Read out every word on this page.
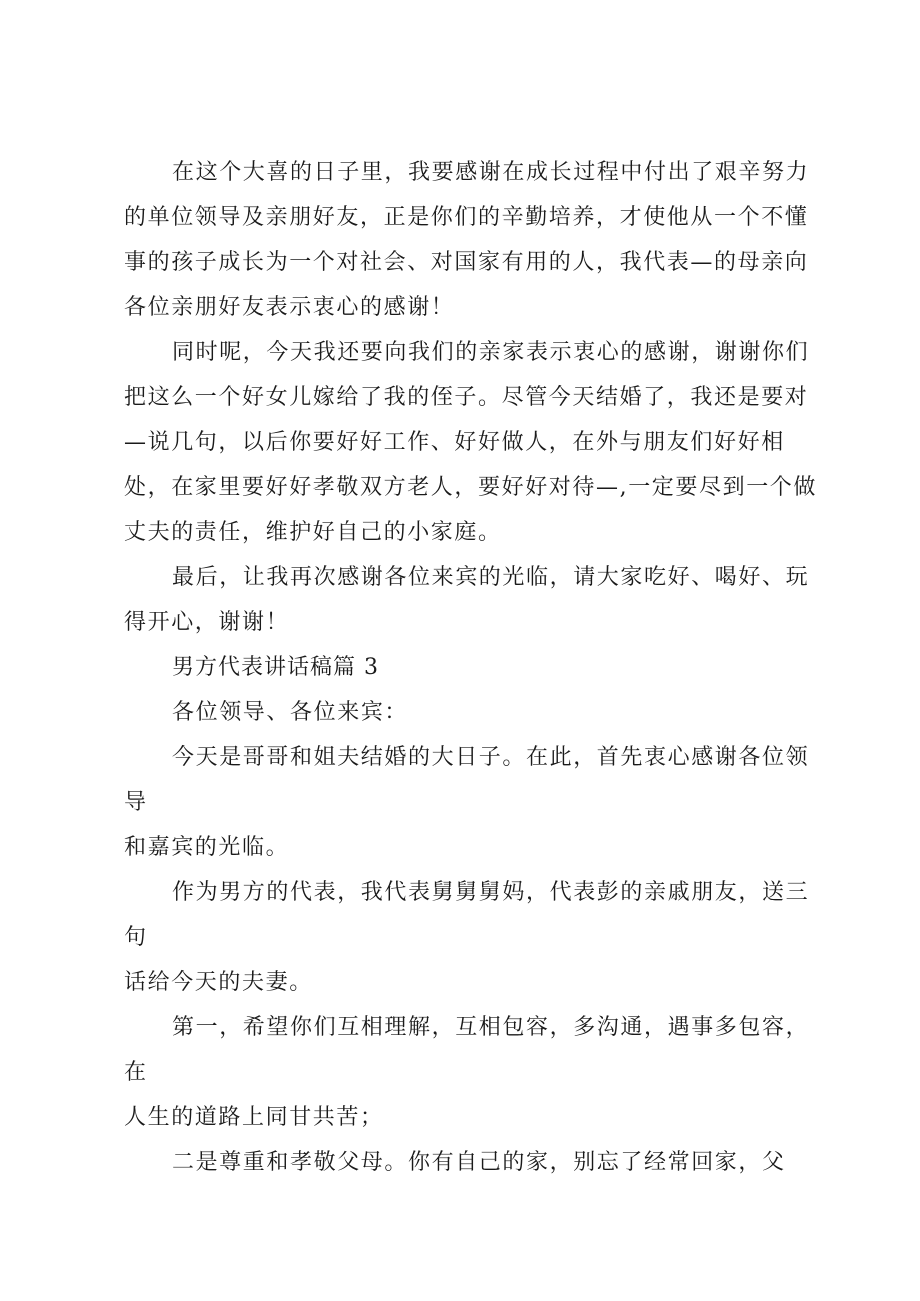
在这个大喜的日子里，我要感谢在成长过程中付出了艰辛努力
的单位领导及亲朋好友，正是你们的辛勤培养，才使他从一个不懂
事的孩子成长为一个对社会、对国家有用的人，我代表—的母亲向
各位亲朋好友表示衷心的感谢！

同时呢，今天我还要向我们的亲家表示衷心的感谢，谢谢你们
把这么一个好女儿嫁给了我的侄子。尽管今天结婚了，我还是要对
—说几句，以后你要好好工作、好好做人，在外与朋友们好好相
处，在家里要好好孝敬双方老人，要好好对待—,一定要尽到一个做
丈夫的责任，维护好自己的小家庭。

最后，让我再次感谢各位来宾的光临，请大家吃好、喝好、玩
得开心，谢谢！

男方代表讲话稿篇 3

各位领导、各位来宾：

今天是哥哥和姐夫结婚的大日子。在此，首先衷心感谢各位领导
和嘉宾的光临。

作为男方的代表，我代表舅舅舅妈，代表彭的亲戚朋友，送三句
话给今天的夫妻。

第一，希望你们互相理解，互相包容，多沟通，遇事多包容，在
人生的道路上同甘共苦；

二是尊重和孝敬父母。你有自己的家，别忘了经常回家，父
